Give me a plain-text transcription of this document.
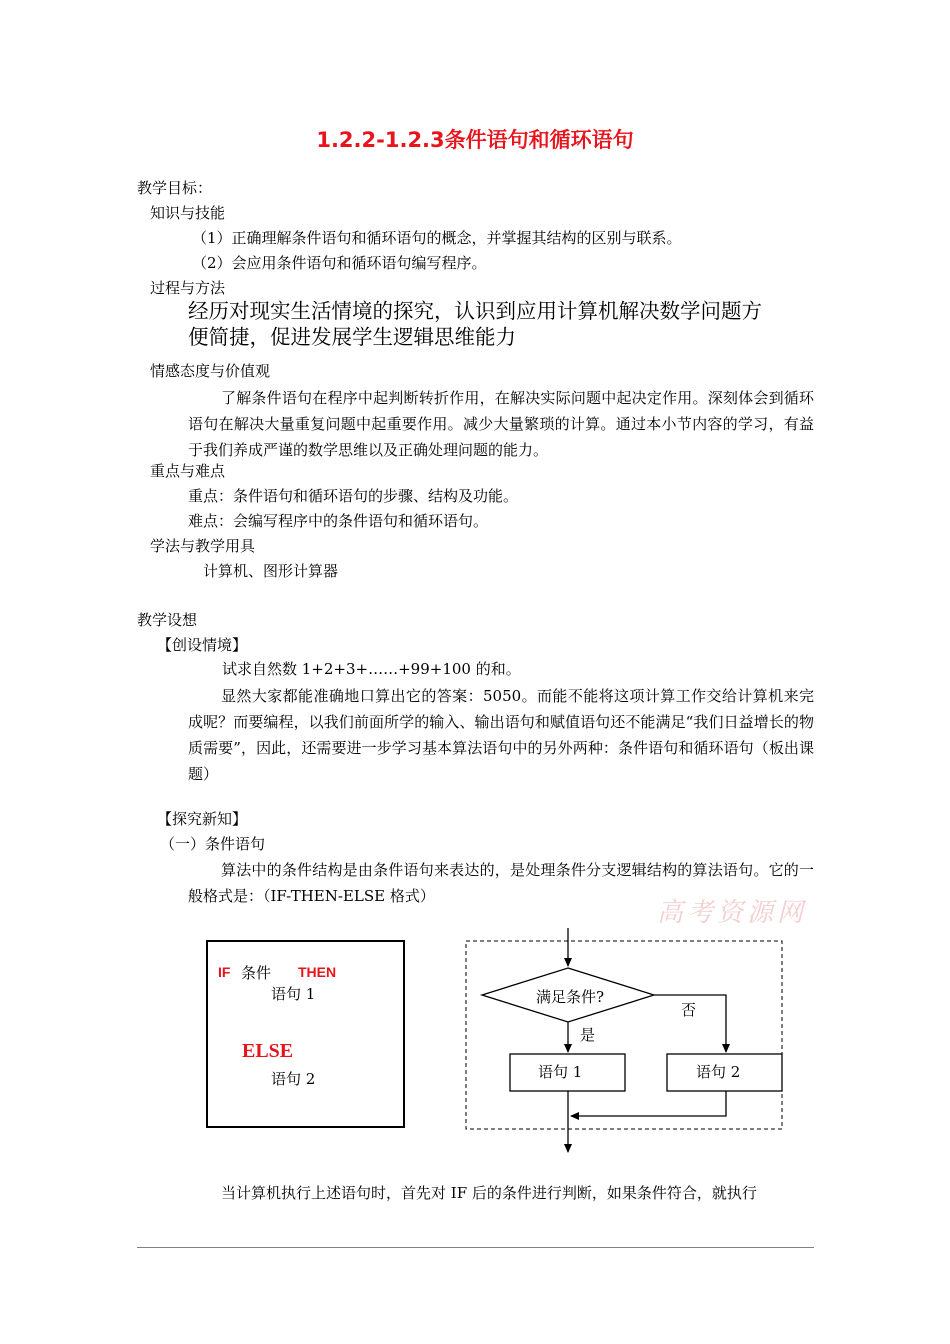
1.2.2-1.2.3条件语句和循环语句
教学目标：
知识与技能
（1）正确理解条件语句和循环语句的概念，并掌握其结构的区别与联系。
（2）会应用条件语句和循环语句编写程序。
过程与方法
经历对现实生活情境的探究，认识到应用计算机解决数学问题方
便简捷，促进发展学生逻辑思维能力
情感态度与价值观
了解条件语句在程序中起判断转折作用，在解决实际问题中起决定作用。深刻体会到循环语句在解决大量重复问题中起重要作用。减少大量繁琐的计算。通过本小节内容的学习，有益于我们养成严谨的数学思维以及正确处理问题的能力。
重点与难点
重点：条件语句和循环语句的步骤、结构及功能。
难点：会编写程序中的条件语句和循环语句。
学法与教学用具
计算机、图形计算器
教学设想
【创设情境】
试求自然数 1+2+3+……+99+100 的和。
显然大家都能准确地口算出它的答案：5050。而能不能将这项计算工作交给计算机来完成呢？而要编程，以我们前面所学的输入、输出语句和赋值语句还不能满足“我们日益增长的物质需要”，因此，还需要进一步学习基本算法语句中的另外两种：条件语句和循环语句（板出课题）
【探究新知】
（一）条件语句
算法中的条件结构是由条件语句来表达的，是处理条件分支逻辑结构的算法语句。它的一般格式是：（IF-THEN-ELSE 格式）
高考资源网
IF 条件 THEN
语句 1
ELSE
语句 2
满足条件?
是
否
语句 1	语句 2
当计算机执行上述语句时，首先对 IF 后的条件进行判断，如果条件符合，就执行
